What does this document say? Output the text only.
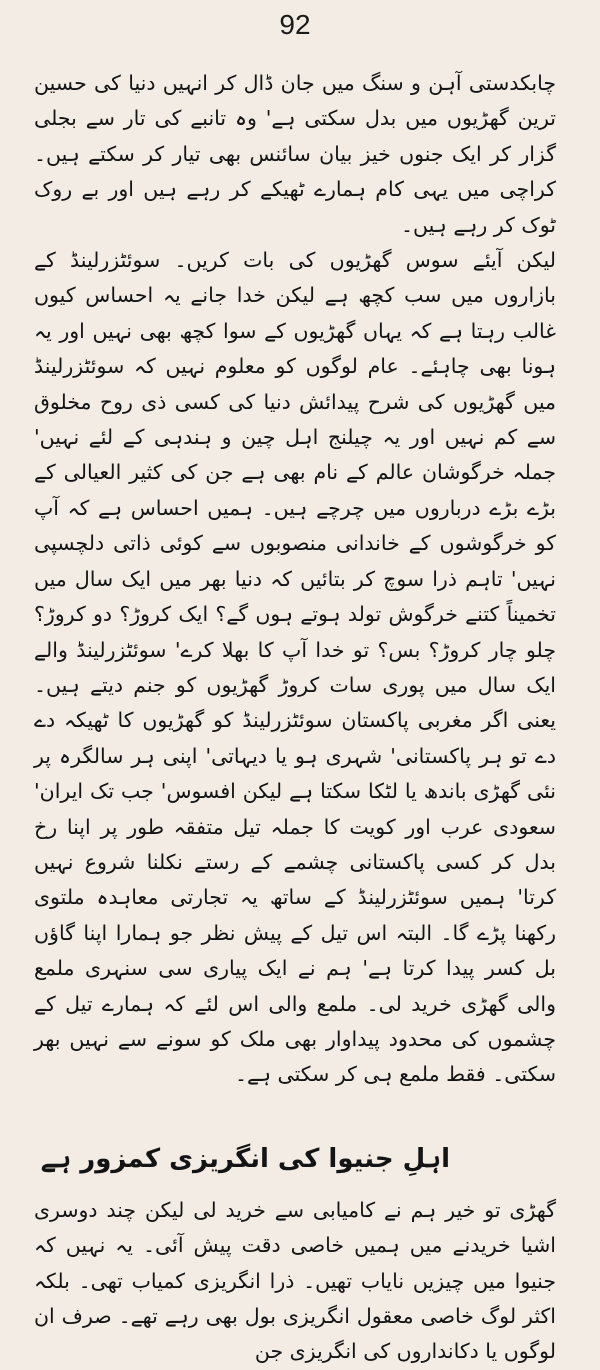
92

چابکدستی آہن و سنگ میں جان ڈال کر انہیں دنیا کی حسین ترین گھڑیوں میں بدل سکتی ہے' وہ تانبے کی تار سے بجلی گزار کر ایک جنوں خیز بیان سائنس بھی تیار کر سکتے ہیں۔ کراچی میں یہی کام ہمارے ٹھیکے کر رہے ہیں اور بے روک ٹوک کر رہے ہیں۔

لیکن آیئے سوس گھڑیوں کی بات کریں۔ سوئٹزرلینڈ کے بازاروں میں سب کچھ ہے لیکن خدا جانے یہ احساس کیوں غالب رہتا ہے کہ یہاں گھڑیوں کے سوا کچھ بھی نہیں اور یہ ہونا بھی چاہئے۔ عام لوگوں کو معلوم نہیں کہ سوئٹزرلینڈ میں گھڑیوں کی شرح پیدائش دنیا کی کسی ذی روح مخلوق سے کم نہیں اور یہ چیلنج اہل چین و ہندہی کے لئے نہیں' جملہ خرگوشان عالم کے نام بھی ہے جن کی کثیر العیالی کے بڑے بڑے درباروں میں چرچے ہیں۔ ہمیں احساس ہے کہ آپ کو خرگوشوں کے خاندانی منصوبوں سے کوئی ذاتی دلچسپی نہیں' تاہم ذرا سوچ کر بتائیں کہ دنیا بھر میں ایک سال میں تخمیناً کتنے خرگوش تولد ہوتے ہوں گے؟ ایک کروڑ؟ دو کروڑ؟ چلو چار کروڑ؟ بس؟ تو خدا آپ کا بھلا کرے' سوئٹزرلینڈ والے ایک سال میں پوری سات کروڑ گھڑیوں کو جنم دیتے ہیں۔ یعنی اگر مغربی پاکستان سوئٹزرلینڈ کو گھڑیوں کا ٹھیکہ دے دے تو ہر پاکستانی' شہری ہو یا دیہاتی' اپنی ہر سالگرہ پر نئی گھڑی باندھ یا لٹکا سکتا ہے لیکن افسوس' جب تک ایران' سعودی عرب اور کویت کا جملہ تیل متفقہ طور پر اپنا رخ بدل کر کسی پاکستانی چشمے کے رستے نکلنا شروع نہیں کرتا' ہمیں سوئٹزرلینڈ کے ساتھ یہ تجارتی معاہدہ ملتوی رکھنا پڑے گا۔ البتہ اس تیل کے پیش نظر جو ہمارا اپنا گاؤں بل کسر پیدا کرتا ہے' ہم نے ایک پیاری سی سنہری ملمع والی گھڑی خرید لی۔ ملمع والی اس لئے کہ ہمارے تیل کے چشموں کی محدود پیداوار بھی ملک کو سونے سے نہیں بھر سکتی۔ فقط ملمع ہی کر سکتی ہے۔

اہلِ جنیوا کی انگریزی کمزور ہے

گھڑی تو خیر ہم نے کامیابی سے خرید لی لیکن چند دوسری اشیا خریدنے میں ہمیں خاصی دقت پیش آئی۔ یہ نہیں کہ جنیوا میں چیزیں نایاب تھیں۔ ذرا انگریزی کمیاب تھی۔ بلکہ اکثر لوگ خاصی معقول انگریزی بول بھی رہے تھے۔ صرف ان لوگوں یا دکانداروں کی انگریزی جن
